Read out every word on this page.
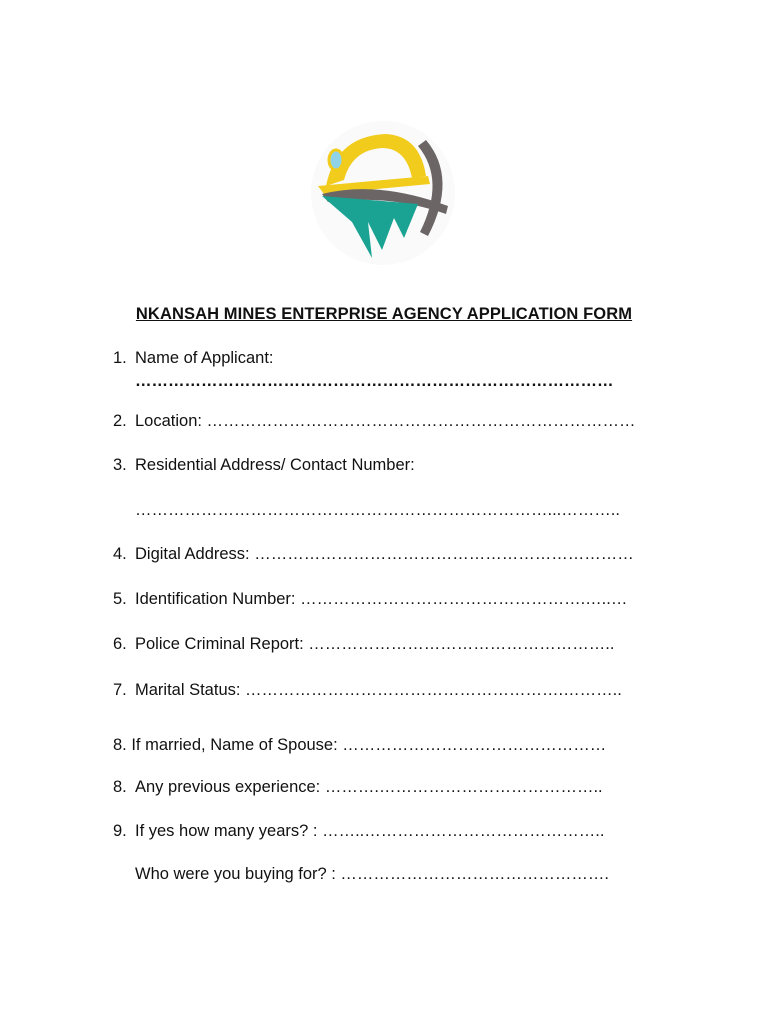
NKANSAH MINES ENTERPRISE AGENCY APPLICATION FORM
1. Name of Applicant:
……………………………………………………………………………
2. Location: ……………………………………………………………………
3. Residential Address/ Contact Number:
…………………………………………………………………...………..
4. Digital Address: ……………………………………………………………
5. Identification Number: …………………………………………….…..…
6. Police Criminal Report: ………………………………………………..
7. Marital Status: ………………………………………………….………..
8. If married, Name of Spouse: …………………………………………
8. Any previous experience: ……….…………………………………..
9. If yes how many years? : ……..……………………………………..
Who were you buying for? : ………………………………………….
